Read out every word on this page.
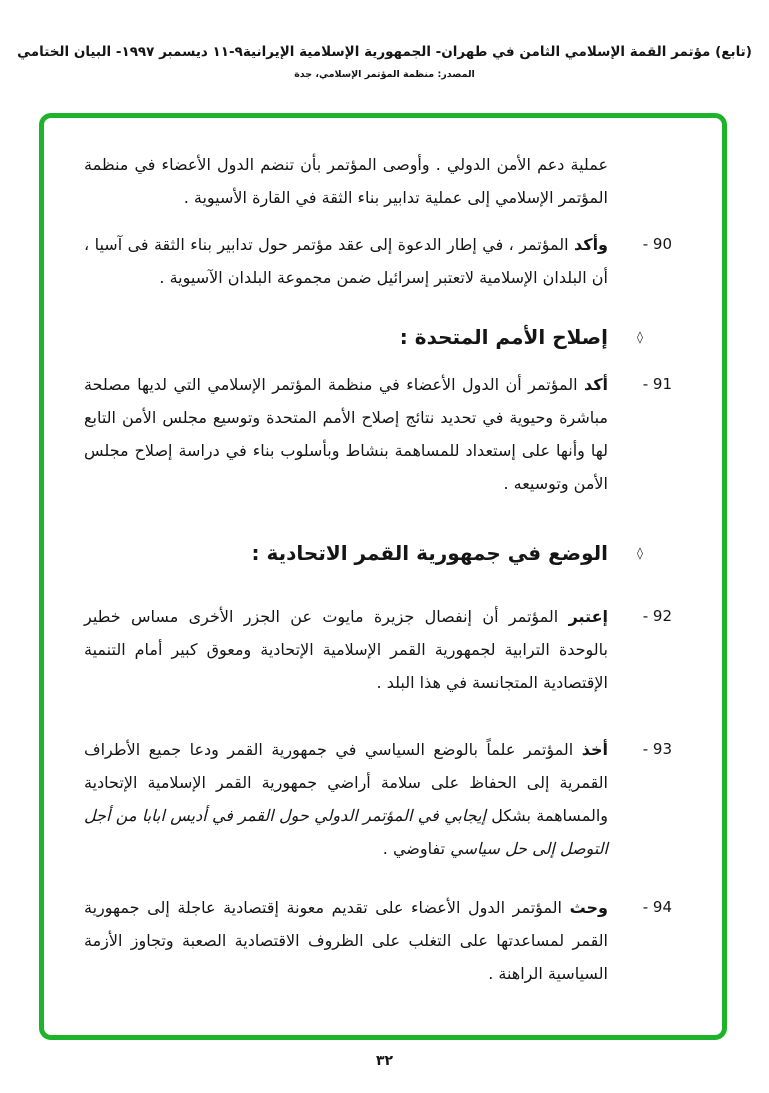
(تابع) مؤتمر القمة الإسلامي الثامن في طهران- الجمهورية الإسلامية الإيرانية٩-١١ ديسمبر ١٩٩٧- البيان الختامي
المصدر: منظمة المؤتمر الإسلامي، جدة
عملية دعم الأمن الدولي . وأوصى المؤتمر بأن تنضم الدول الأعضاء في منظمة المؤتمر الإسلامي إلى عملية تدابير بناء الثقة في القارة الأسيوية .
- 90
وأكد المؤتمر ، في إطار الدعوة إلى عقد مؤتمر حول تدابير بناء الثقة فى آسيا ، أن البلدان الإسلامية لاتعتبر إسرائيل ضمن مجموعة البلدان الآسيوية .
◊
إصلاح الأمم المتحدة :
- 91
أكد المؤتمر أن الدول الأعضاء في منظمة المؤتمر الإسلامي التي لديها مصلحة مباشرة وحيوية في تحديد نتائج إصلاح الأمم المتحدة وتوسيع مجلس الأمن التابع لها وأنها على إستعداد للمساهمة بنشاط وبأسلوب بناء في دراسة إصلاح مجلس الأمن وتوسيعه .
◊
الوضع في جمهورية القمر الاتحادية :
- 92
إعتبر المؤتمر أن إنفصال جزيرة مايوت عن الجزر الأخرى مساس خطير بالوحدة الترابية لجمهورية القمر الإسلامية الإتحادية ومعوق كبير أمام التنمية الإقتصادية المتجانسة في هذا البلد .
- 93
أخذ المؤتمر علماً بالوضع السياسي في جمهورية القمر ودعا جميع الأطراف القمرية إلى الحفاظ على سلامة أراضي جمهورية القمر الإسلامية الإتحادية والمساهمة بشكل إيجابي في المؤتمر الدولي حول القمر في أديس ابابا من أجل التوصل إلى حل سياسي تفاوضي .
- 94
وحث المؤتمر الدول الأعضاء على تقديم معونة إقتصادية عاجلة إلى جمهورية القمر لمساعدتها على التغلب على الظروف الاقتصادية الصعبة وتجاوز الأزمة السياسية الراهنة .
٣٢
